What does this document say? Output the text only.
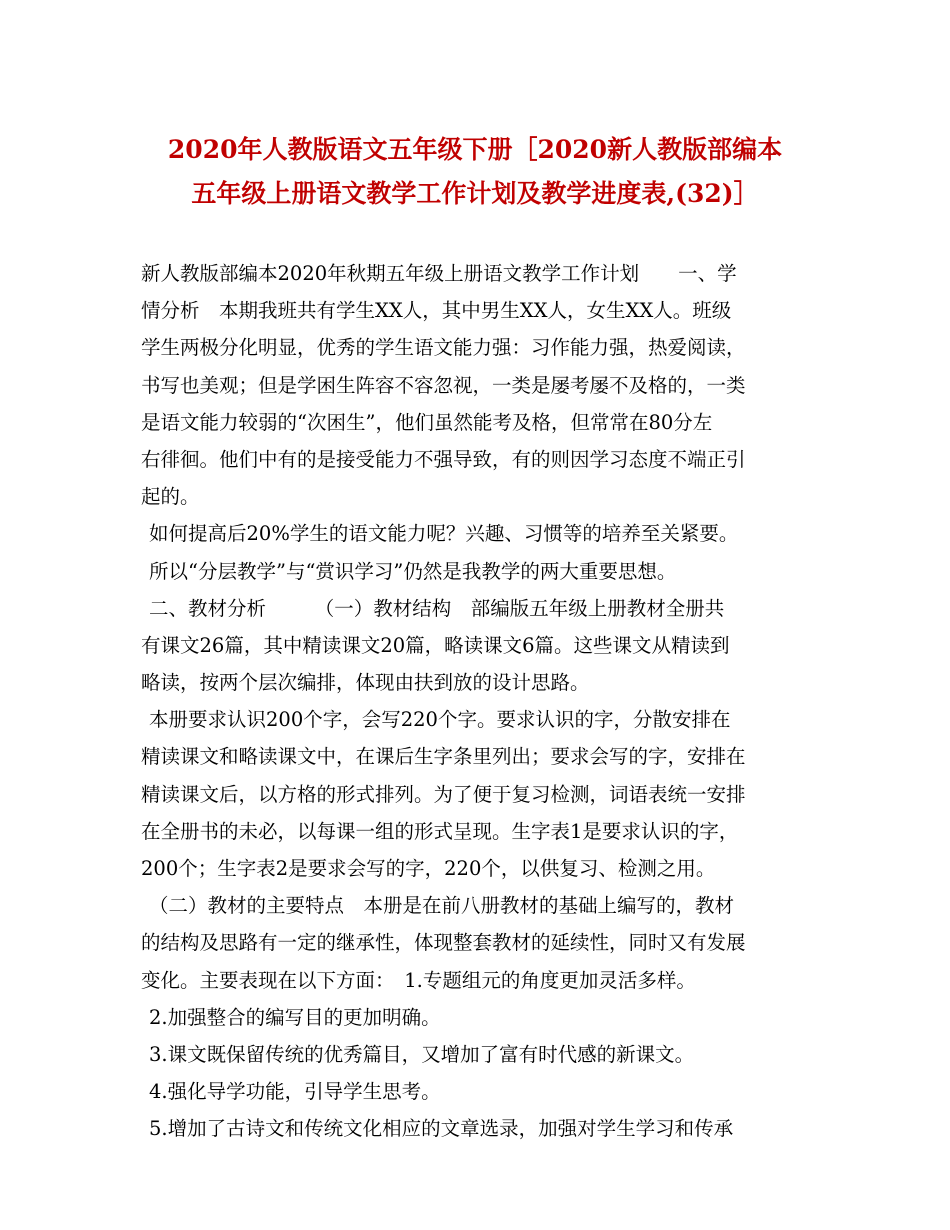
2020年人教版语文五年级下册［2020新人教版部编本
五年级上册语文教学工作计划及教学进度表,(32)］

新人教版部编本2020年秋期五年级上册语文教学工作计划　　一、学
情分析　本期我班共有学生XX人，其中男生XX人，女生XX人。班级
学生两极分化明显，优秀的学生语文能力强：习作能力强，热爱阅读，
书写也美观；但是学困生阵容不容忽视，一类是屡考屡不及格的，一类
是语文能力较弱的“次困生”，他们虽然能考及格，但常常在80分左
右徘徊。他们中有的是接受能力不强导致，有的则因学习态度不端正引
起的。

如何提高后20%学生的语文能力呢？兴趣、习惯等的培养至关紧要。

所以“分层教学”与“赏识学习”仍然是我教学的两大重要思想。

二、教材分析　　　（一）教材结构　部编版五年级上册教材全册共
有课文26篇，其中精读课文20篇，略读课文6篇。这些课文从精读到
略读，按两个层次编排，体现由扶到放的设计思路。

本册要求认识200个字，会写220个字。要求认识的字，分散安排在
精读课文和略读课文中，在课后生字条里列出；要求会写的字，安排在
精读课文后，以方格的形式排列。为了便于复习检测，词语表统一安排
在全册书的未必，以每课一组的形式呈现。生字表1是要求认识的字，
200个；生字表2是要求会写的字，220个，以供复习、检测之用。

（二）教材的主要特点　本册是在前八册教材的基础上编写的，教材
的结构及思路有一定的继承性，体现整套教材的延续性，同时又有发展
变化。主要表现在以下方面：　1.专题组元的角度更加灵活多样。

2.加强整合的编写目的更加明确。
3.课文既保留传统的优秀篇目，又增加了富有时代感的新课文。
4.强化导学功能，引导学生思考。
5.增加了古诗文和传统文化相应的文章选录，加强对学生学习和传承
